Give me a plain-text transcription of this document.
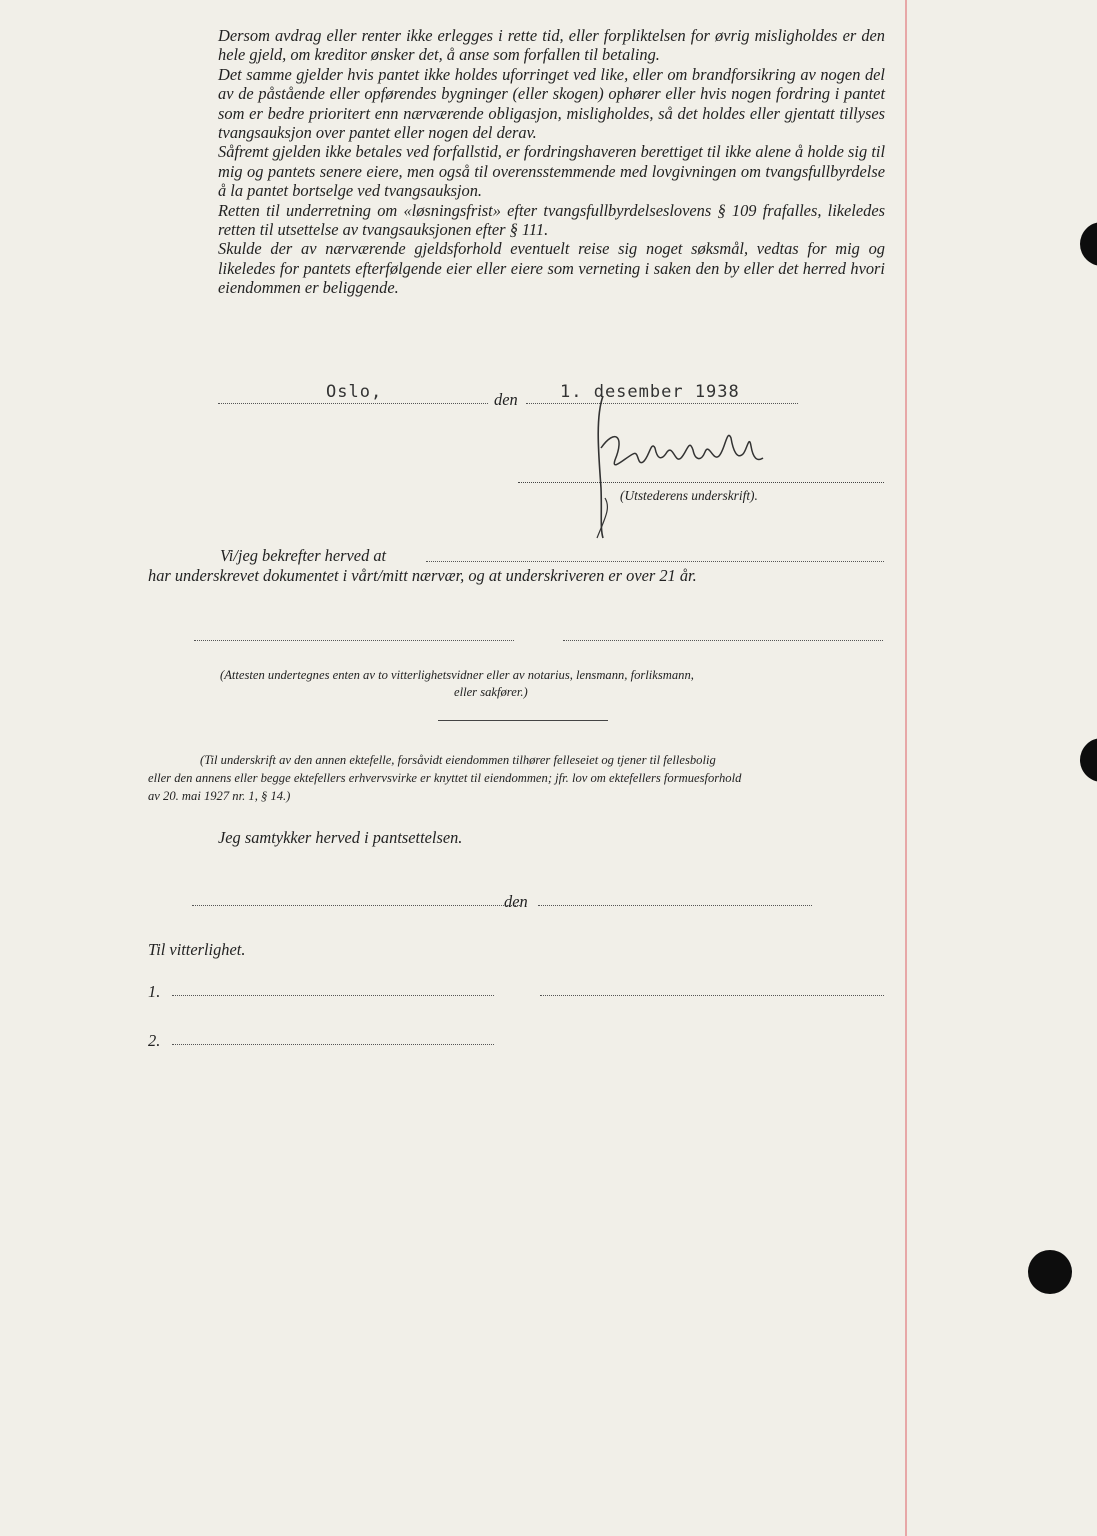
Dersom avdrag eller renter ikke erlegges i rette tid, eller forpliktelsen for øvrig misligholdes er den hele gjeld, om kreditor ønsker det, å anse som forfallen til betaling.

Det samme gjelder hvis pantet ikke holdes uforringet ved like, eller om brandforsikring av nogen del av de påstående eller opførendes bygninger (eller skogen) ophører eller hvis nogen fordring i pantet som er bedre prioritert enn nærværende obligasjon, misligholdes, så det holdes eller gjentatt tillyses tvangsauksjon over pantet eller nogen del derav.

Såfremt gjelden ikke betales ved forfallstid, er fordringshaveren berettiget til ikke alene å holde sig til mig og pantets senere eiere, men også til overensstemmende med lovgivningen om tvangsfullbyrdelse å la pantet bortselge ved tvangsauksjon.

Retten til underretning om «løsningsfrist» efter tvangsfullbyrdelseslovens § 109 frafalles, likeledes retten til utsettelse av tvangsauksjonen efter § 111.

Skulde der av nærværende gjeldsforhold eventuelt reise sig noget søksmål, vedtas for mig og likeledes for pantets efterfølgende eier eller eiere som verneting i saken den by eller det herred hvori eiendommen er beliggende.

Oslo,	den 1. desember 1938
(Utstederens underskrift).
Vi/jeg bekrefter herved at
har underskrevet dokumentet i vårt/mitt nærvær, og at underskriveren er over 21 år.
(Attesten undertegnes enten av to vitterlighetsvidner eller av notarius, lensmann, forliksmann,
eller sakfører.)
(Til underskrift av den annen ektefelle, forsåvidt eiendommen tilhører felleseiet og tjener til fellesbolig
eller den annens eller begge ektefellers erhvervsvirke er knyttet til eiendommen; jfr. lov om ektefellers formuesforhold
av 20. mai 1927 nr. 1, § 14.)
Jeg samtykker herved i pantsettelsen.
den
Til vitterlighet.
1.
2.
